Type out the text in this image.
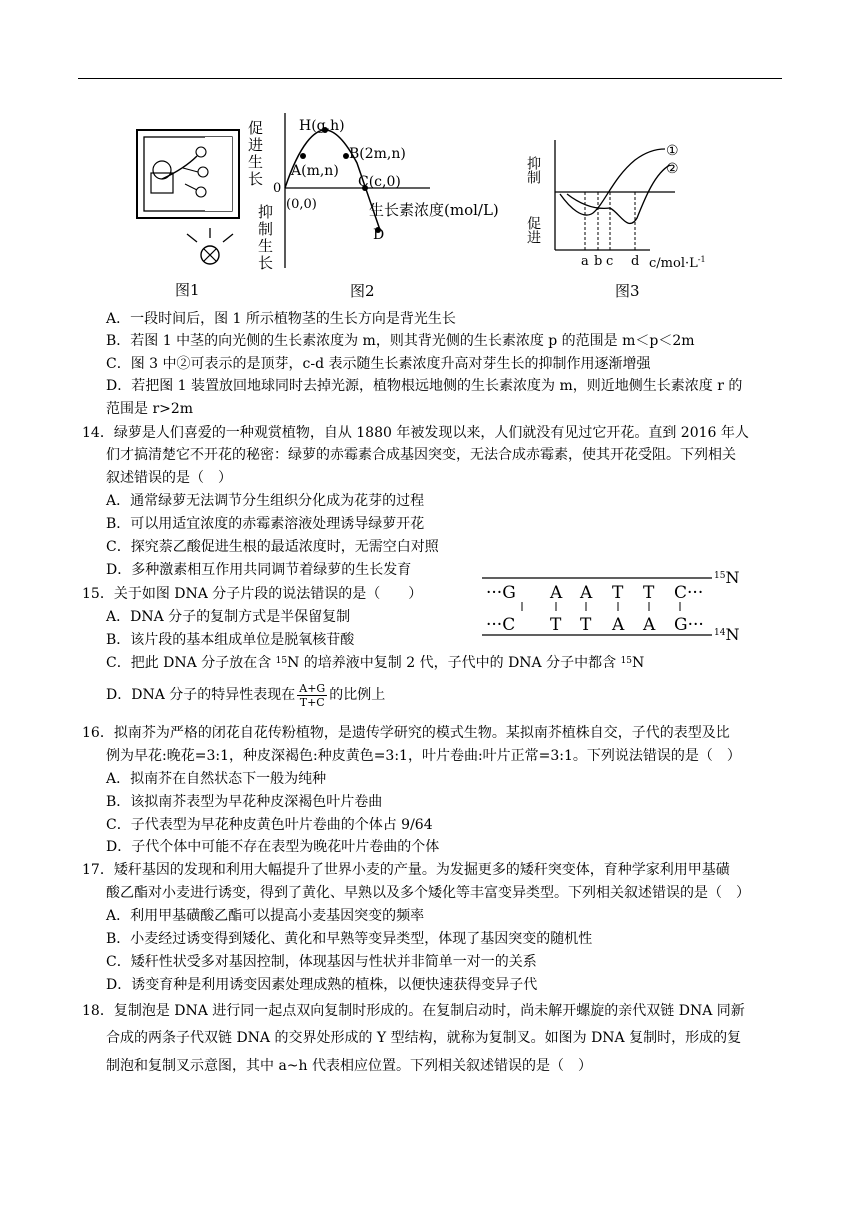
图1
H(g,h)
A(m,n)
B(2m,n)
C(c,0)
D
(0,0)	生长素浓度(mol/L)
促进生长
0
抑制生长
图2
①
②
抑制
促进
a b c d $c/mol\cdot L^{-1}$
图3
A．一段时间后，图 1 所示植物茎的生长方向是背光生长
B．若图 1 中茎的向光侧的生长素浓度为 m，则其背光侧的生长素浓度 p 的范围是 m＜p＜2m
C．图 3 中②可表示的是顶芽，c-d 表示随生长素浓度升高对芽生长的抑制作用逐渐增强
D．若把图 1 装置放回地球同时去掉光源，植物根远地侧的生长素浓度为 m，则近地侧生长素浓度 r 的
范围是 r>2m
14．绿萝是人们喜爱的一种观赏植物，自从 1880 年被发现以来，人们就没有见过它开花。直到 2016 年人
们才搞清楚它不开花的秘密：绿萝的赤霉素合成基因突变，无法合成赤霉素，使其开花受阻。下列相关
叙述错误的是（　）
A．通常绿萝无法调节分生组织分化成为花芽的过程
B．可以用适宜浓度的赤霉素溶液处理诱导绿萝开花
C．探究萘乙酸促进生根的最适浓度时，无需空白对照
D．多种激素相互作用共同调节着绿萝的生长发育
···G A A T T C···
···C T T A A G···
$^{15}$N
$^{14}$N
15．关于如图 DNA 分子片段的说法错误的是（　　）
A．DNA 分子的复制方式是半保留复制
B．该片段的基本组成单位是脱氧核苷酸
C．把此 DNA 分子放在含 $^{15}$N 的培养液中复制 2 代，子代中的 DNA 分子中都含 $^{15}$N
D．DNA 分子的特异性表现在 $\frac{A+G}{T+C}$ 的比例上
16．拟南芥为严格的闭花自花传粉植物，是遗传学研究的模式生物。某拟南芥植株自交，子代的表型及比
例为早花:晚花=3:1，种皮深褐色:种皮黄色=3:1，叶片卷曲:叶片正常=3:1。下列说法错误的是（　）
A．拟南芥在自然状态下一般为纯种
B．该拟南芥表型为早花种皮深褐色叶片卷曲
C．子代表型为早花种皮黄色叶片卷曲的个体占 9/64
D．子代个体中可能不存在表型为晚花叶片卷曲的个体
17．矮秆基因的发现和利用大幅提升了世界小麦的产量。为发掘更多的矮秆突变体，育种学家利用甲基磺
酸乙酯对小麦进行诱变，得到了黄化、早熟以及多个矮化等丰富变异类型。下列相关叙述错误的是（　）
A．利用甲基磺酸乙酯可以提高小麦基因突变的频率
B．小麦经过诱变得到矮化、黄化和早熟等变异类型，体现了基因突变的随机性
C．矮秆性状受多对基因控制，体现基因与性状并非简单一对一的关系
D．诱变育种是利用诱变因素处理成熟的植株，以便快速获得变异子代
18．复制泡是 DNA 进行同一起点双向复制时形成的。在复制启动时，尚未解开螺旋的亲代双链 DNA 同新
合成的两条子代双链 DNA 的交界处形成的 Y 型结构，就称为复制叉。如图为 DNA 复制时，形成的复
制泡和复制叉示意图，其中 a~h 代表相应位置。下列相关叙述错误的是（　）
